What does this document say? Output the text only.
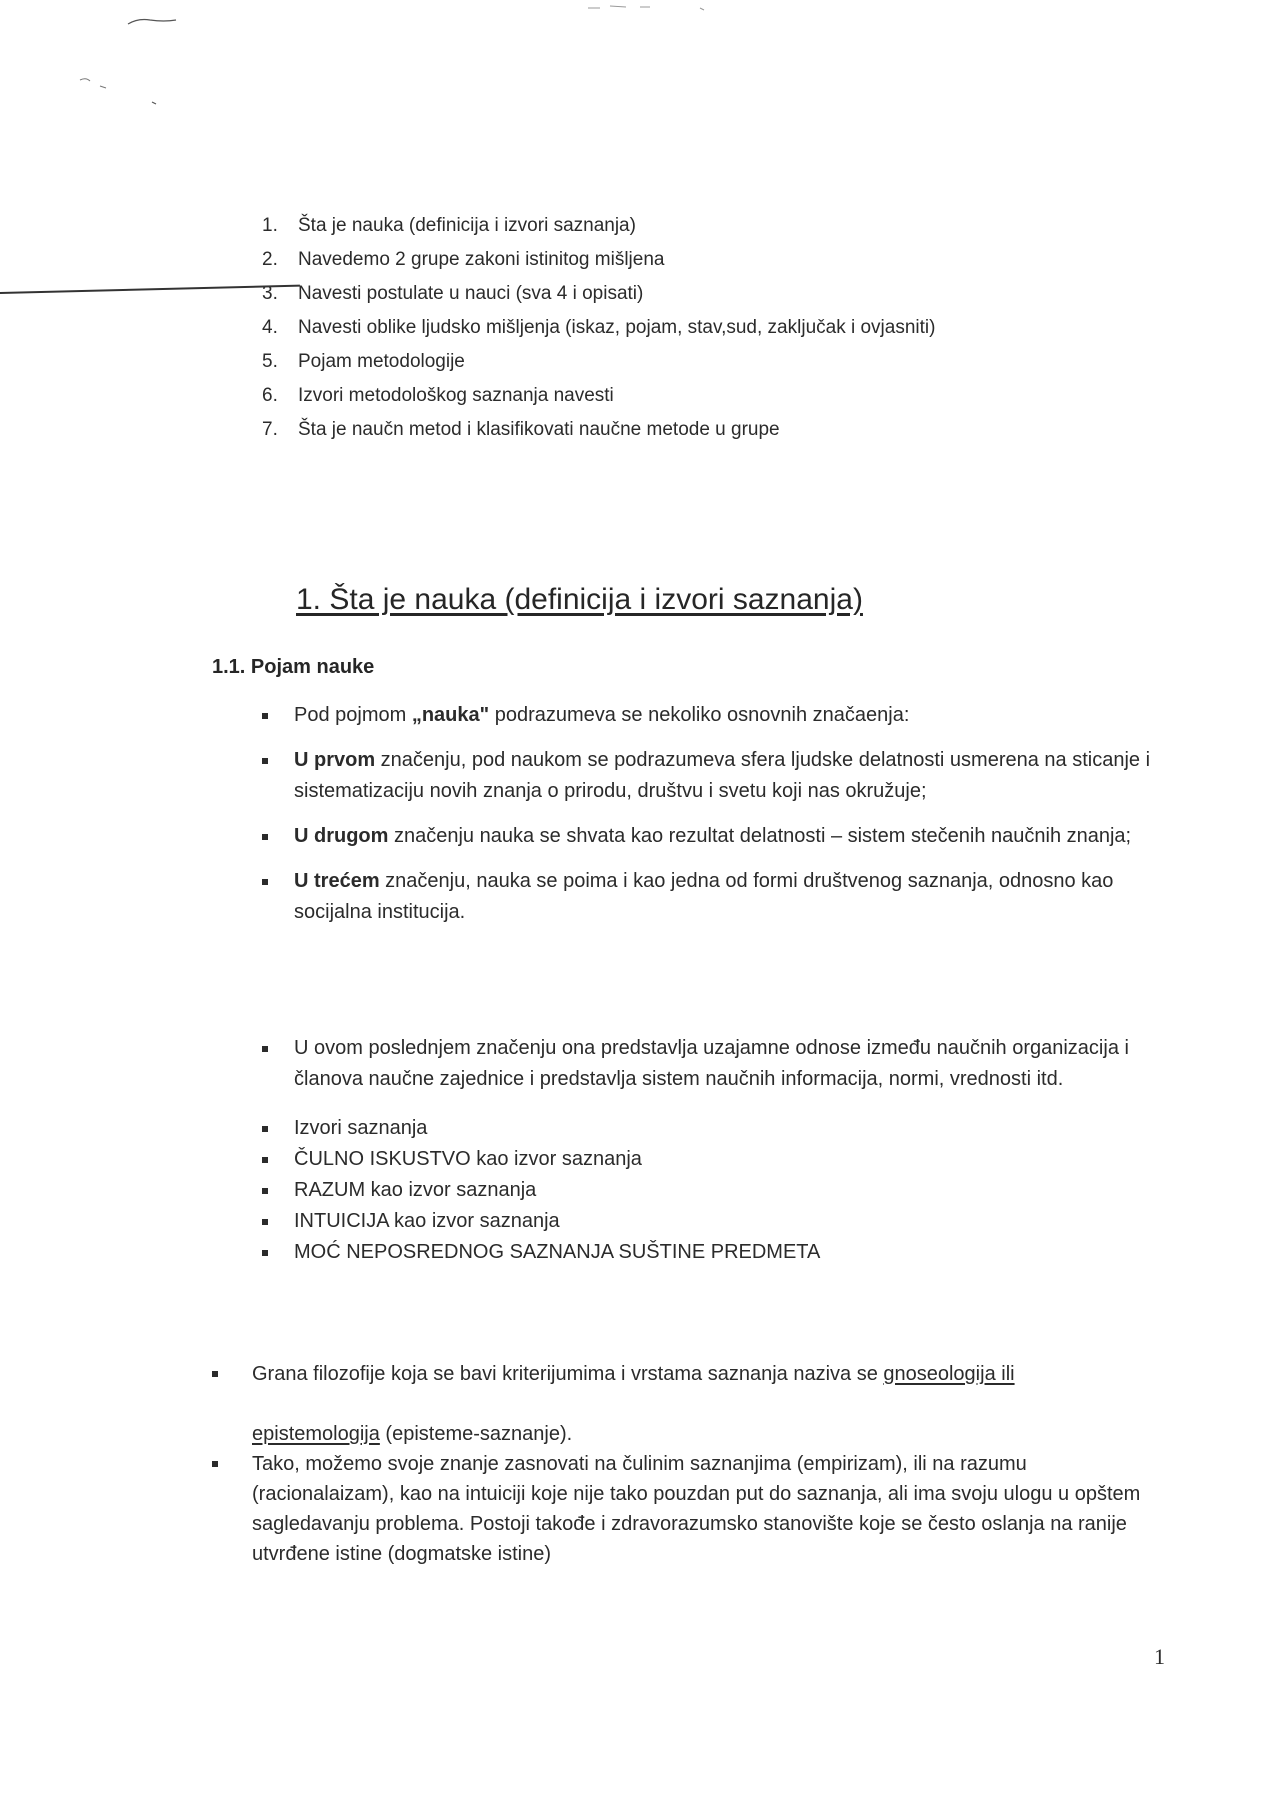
1. Šta je nauka (definicija i izvori saznanja)
2. Navedemo 2 grupe zakoni istinitog mišljena
3. Navesti postulate u nauci (sva 4 i opisati)
4. Navesti oblike ljudsko mišljenja (iskaz, pojam, stav,sud, zaključak i ovjasniti)
5. Pojam metodologije
6. Izvori metodološkog saznanja navesti
7. Šta je naučn metod i klasifikovati naučne metode u grupe
1. Šta je nauka (definicija i izvori saznanja)
1.1. Pojam nauke
Pod pojmom „nauka" podrazumeva se nekoliko osnovnih značaenja:
U prvom značenju, pod naukom se podrazumeva sfera ljudske delatnosti usmerena na sticanje i sistematizaciju novih znanja o prirodu, društvu i svetu koji nas okružuje;
U drugom značenju nauka se shvata kao rezultat delatnosti – sistem stečenih naučnih znanja;
U trećem značenju, nauka se poima i kao jedna od formi društvenog saznanja, odnosno kao socijalna institucija.
U ovom poslednjem značenju ona predstavlja uzajamne odnose između naučnih organizacija i članova naučne zajednice i predstavlja sistem naučnih informacija, normi, vrednosti itd.
Izvori saznanja
ČULNO ISKUSTVO kao izvor saznanja
RAZUM kao izvor saznanja
INTUICIJA kao izvor saznanja
MOĆ NEPOSREDNOG SAZNANJA SUŠTINE PREDMETA
Grana filozofije koja se bavi kriterijumima i vrstama saznanja naziva se gnoseologija ili

epistemologija (episteme-saznanje).
Tako, možemo svoje znanje zasnovati na čulinim saznanjima (empirizam), ili na razumu (racionalaizam), kao na intuiciji koje nije tako pouzdan put do saznanja, ali ima svoju ulogu u opštem sagledavanju problema. Postoji takođe i zdravorazumsko stanovište koje se često oslanja na ranije utvrđene istine (dogmatske istine)
1
